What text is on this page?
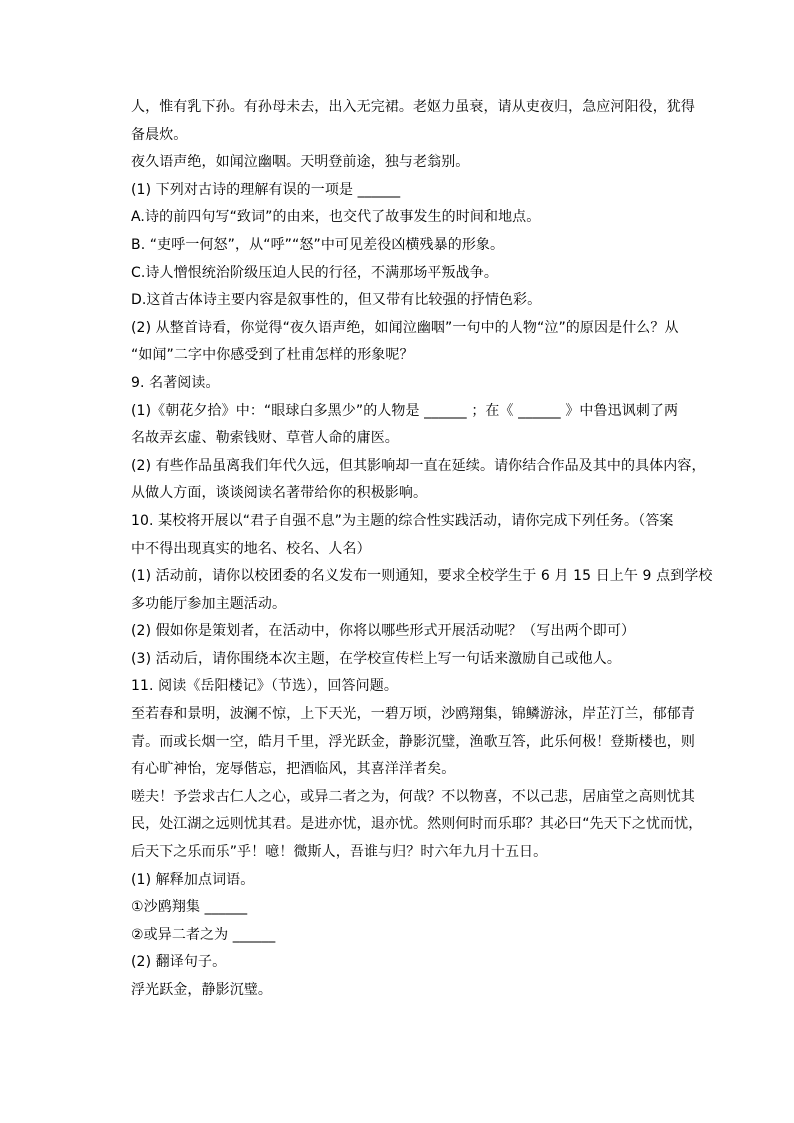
人，惟有乳下孙。有孙母未去，出入无完裙。老妪力虽衰，请从吏夜归，急应河阳役，犹得
备晨炊。
夜久语声绝，如闻泣幽咽。天明登前途，独与老翁别。
(1) 下列对古诗的理解有误的一项是 ______
A.诗的前四句写“致词”的由来，也交代了故事发生的时间和地点。
B. “吏呼一何怒”，从“呼”“怒”中可见差役凶横残暴的形象。
C.诗人憎恨统治阶级压迫人民的行径，不满那场平叛战争。
D.这首古体诗主要内容是叙事性的，但又带有比较强的抒情色彩。
(2) 从整首诗看，你觉得“夜久语声绝，如闻泣幽咽”一句中的人物“泣”的原因是什么？从
“如闻”二字中你感受到了杜甫怎样的形象呢？
9. 名著阅读。
(1)《朝花夕拾》中：“眼球白多黑少”的人物是 ______ ；在《 ______ 》中鲁迅讽刺了两
名故弄玄虚、勒索钱财、草菅人命的庸医。
(2) 有些作品虽离我们年代久远，但其影响却一直在延续。请你结合作品及其中的具体内容，
从做人方面，谈谈阅读名著带给你的积极影响。
10. 某校将开展以“君子自强不息”为主题的综合性实践活动，请你完成下列任务。（答案
中不得出现真实的地名、校名、人名）
(1) 活动前，请你以校团委的名义发布一则通知，要求全校学生于 6 月 15 日上午 9 点到学校
多功能厅参加主题活动。
(2) 假如你是策划者，在活动中，你将以哪些形式开展活动呢？（写出两个即可）
(3) 活动后，请你围绕本次主题，在学校宣传栏上写一句话来激励自己或他人。
11. 阅读《岳阳楼记》（节选），回答问题。
至若春和景明，波澜不惊，上下天光，一碧万顷，沙鸥翔集，锦鳞游泳，岸芷汀兰，郁郁青
青。而或长烟一空，皓月千里，浮光跃金，静影沉璧，渔歌互答，此乐何极！登斯楼也，则
有心旷神怡，宠辱偕忘，把酒临风，其喜洋洋者矣。
嗟夫！予尝求古仁人之心，或异二者之为，何哉？不以物喜，不以己悲，居庙堂之高则忧其
民，处江湖之远则忧其君。是进亦忧，退亦忧。然则何时而乐耶？其必曰“先天下之忧而忧，
后天下之乐而乐”乎！噫！微斯人，吾谁与归？时六年九月十五日。
(1) 解释加点词语。
①沙鸥翔集 ______
②或异二者之为 ______
(2) 翻译句子。
浮光跃金，静影沉璧。
